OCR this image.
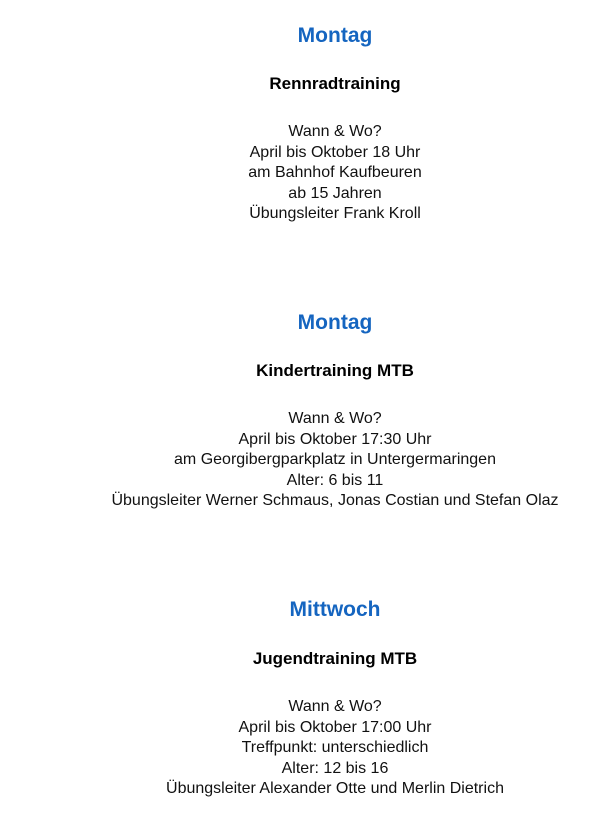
Montag
Rennradtraining
Wann & Wo?
April bis Oktober 18 Uhr
am Bahnhof Kaufbeuren
ab 15 Jahren
Übungsleiter Frank Kroll
Montag
Kindertraining MTB
Wann & Wo?
April bis Oktober 17:30 Uhr
am Georgibergparkplatz in Untergermaringen
Alter: 6 bis 11
Übungsleiter Werner Schmaus, Jonas Costian und Stefan Olaz
Mittwoch
Jugendtraining MTB
Wann & Wo?
April bis Oktober 17:00 Uhr
Treffpunkt: unterschiedlich
Alter: 12 bis 16
Übungsleiter Alexander Otte und Merlin Dietrich
